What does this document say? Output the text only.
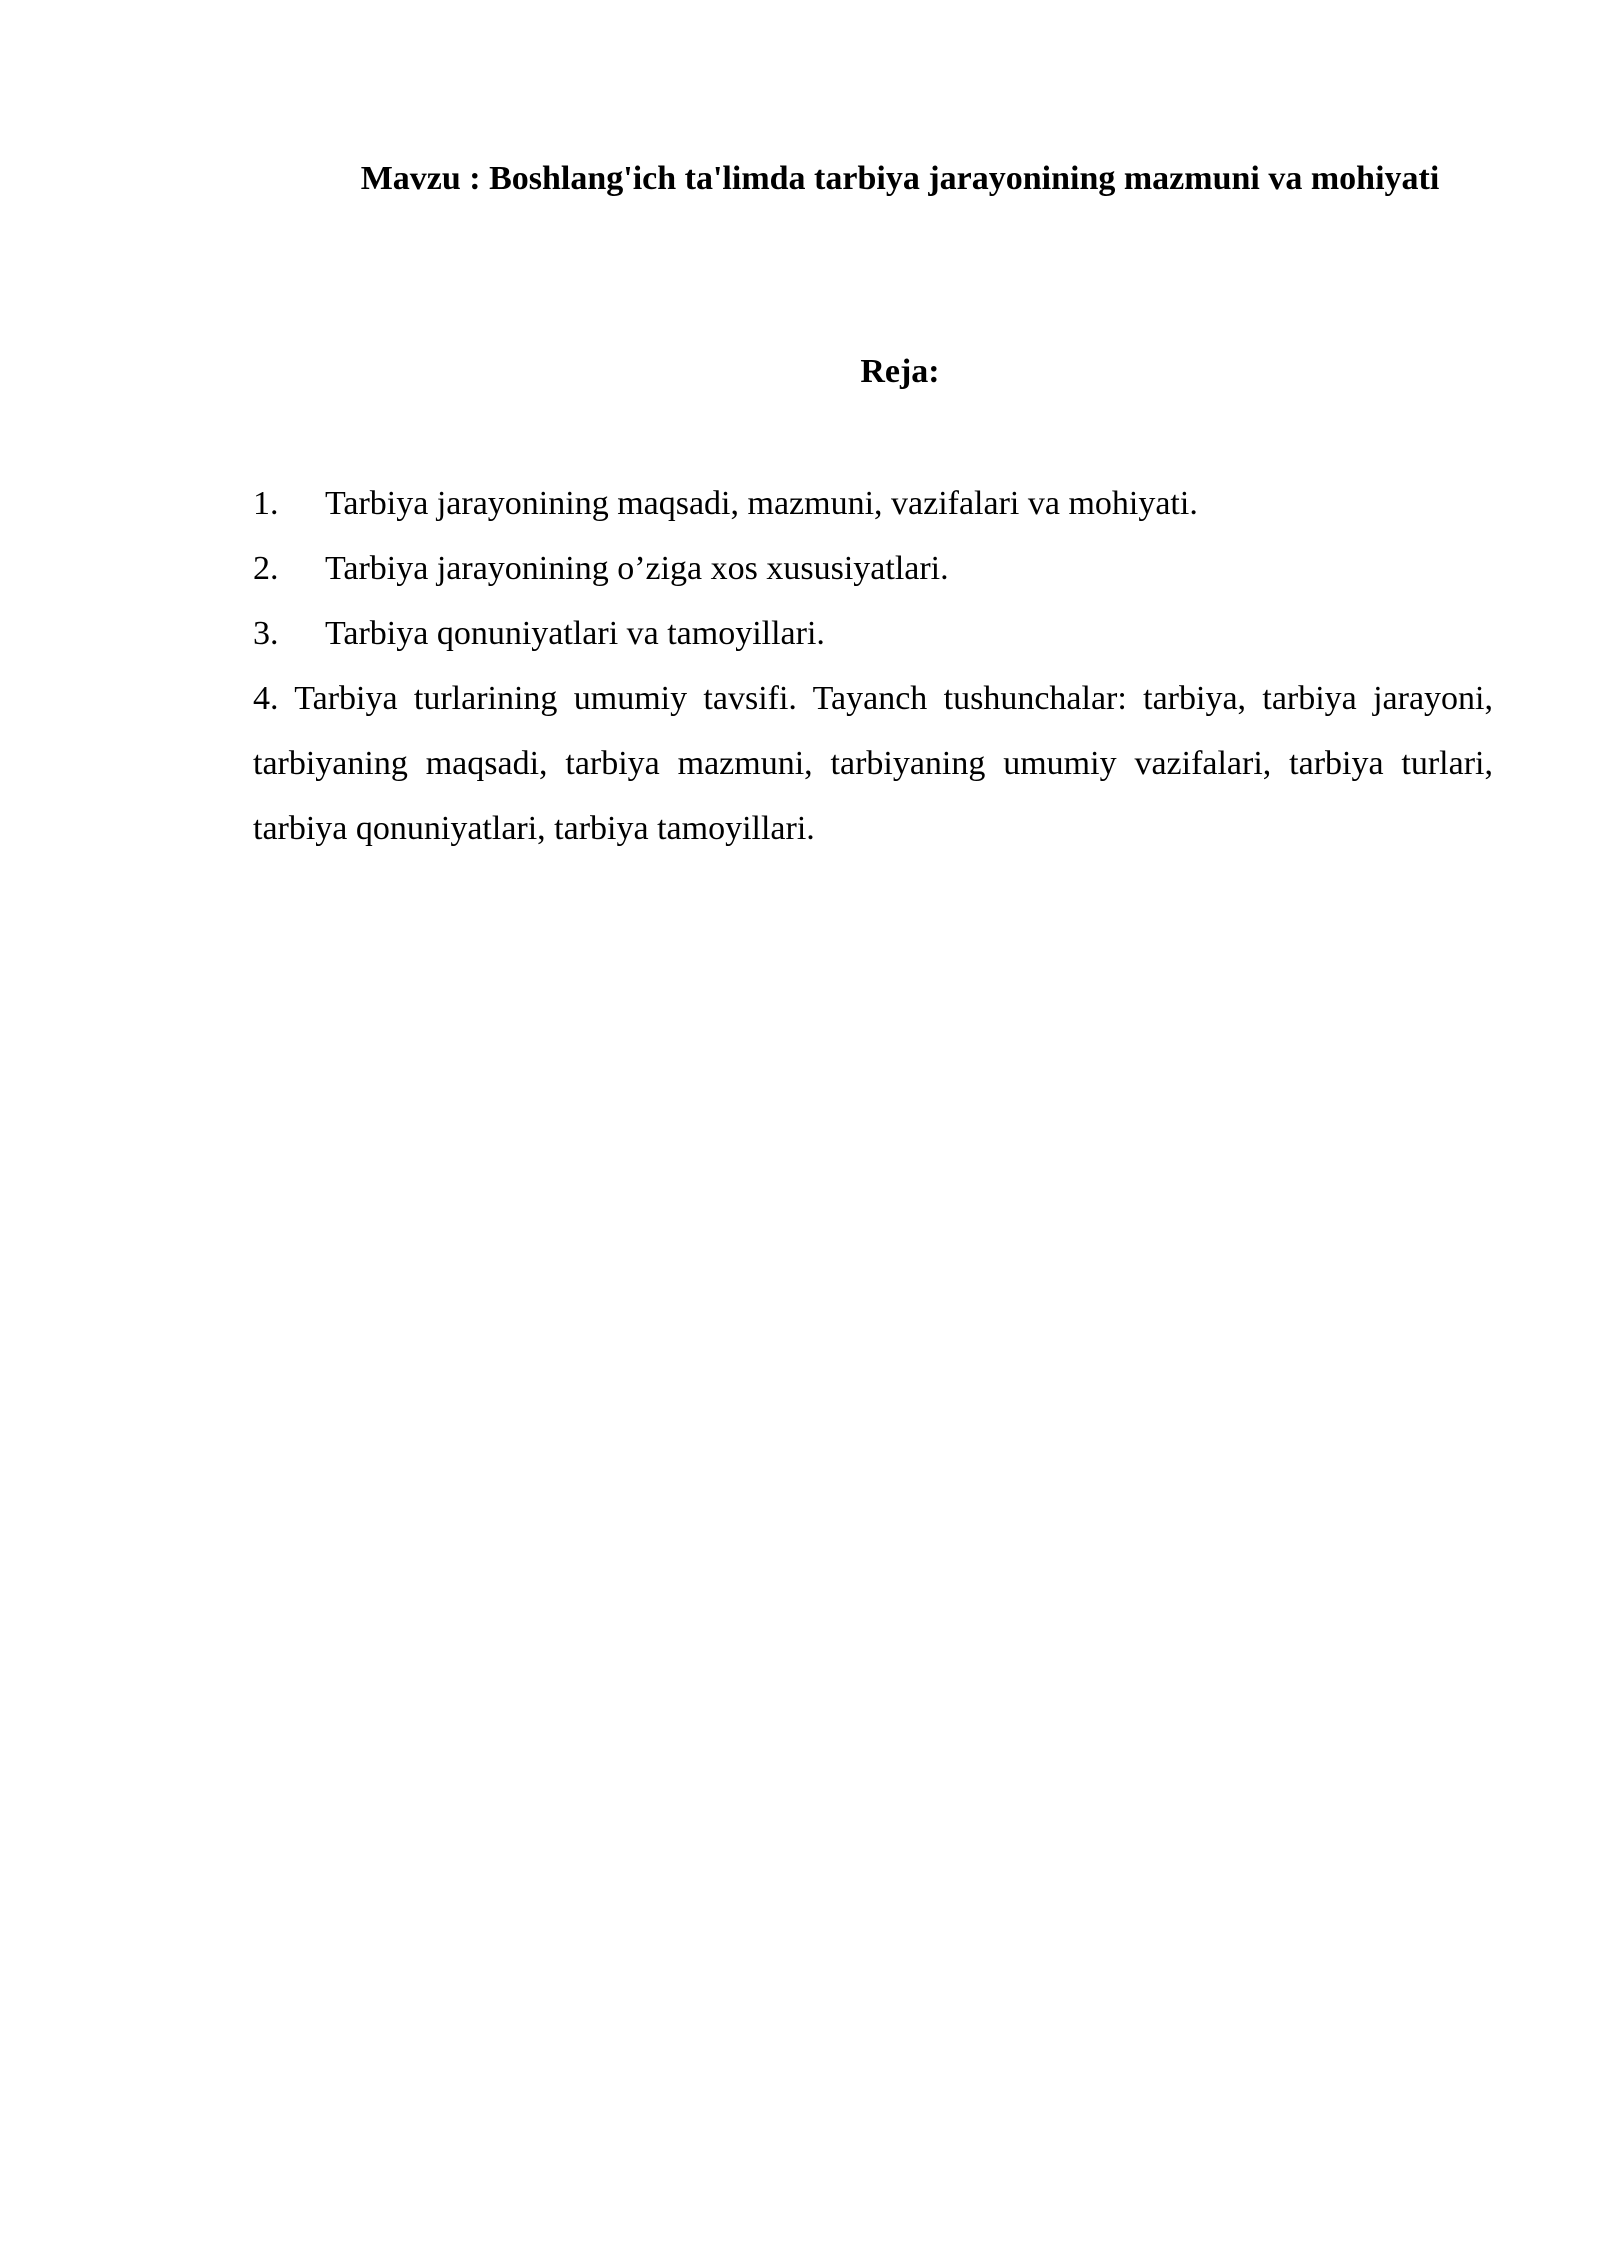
Mavzu : Boshlang'ich ta'limda tarbiya jarayonining mazmuni va mohiyati
Reja:
1.	Tarbiya jarayonining maqsadi, mazmuni, vazifalari va mohiyati.
2.	Tarbiya jarayonining o’ziga xos xususiyatlari.
3.	Tarbiya qonuniyatlari va tamoyillari.

4. Tarbiya turlarining umumiy tavsifi. Tayanch tushunchalar: tarbiya, tarbiya jarayoni, tarbiyaning maqsadi, tarbiya mazmuni, tarbiyaning umumiy vazifalari, tarbiya turlari, tarbiya qonuniyatlari, tarbiya tamoyillari.
